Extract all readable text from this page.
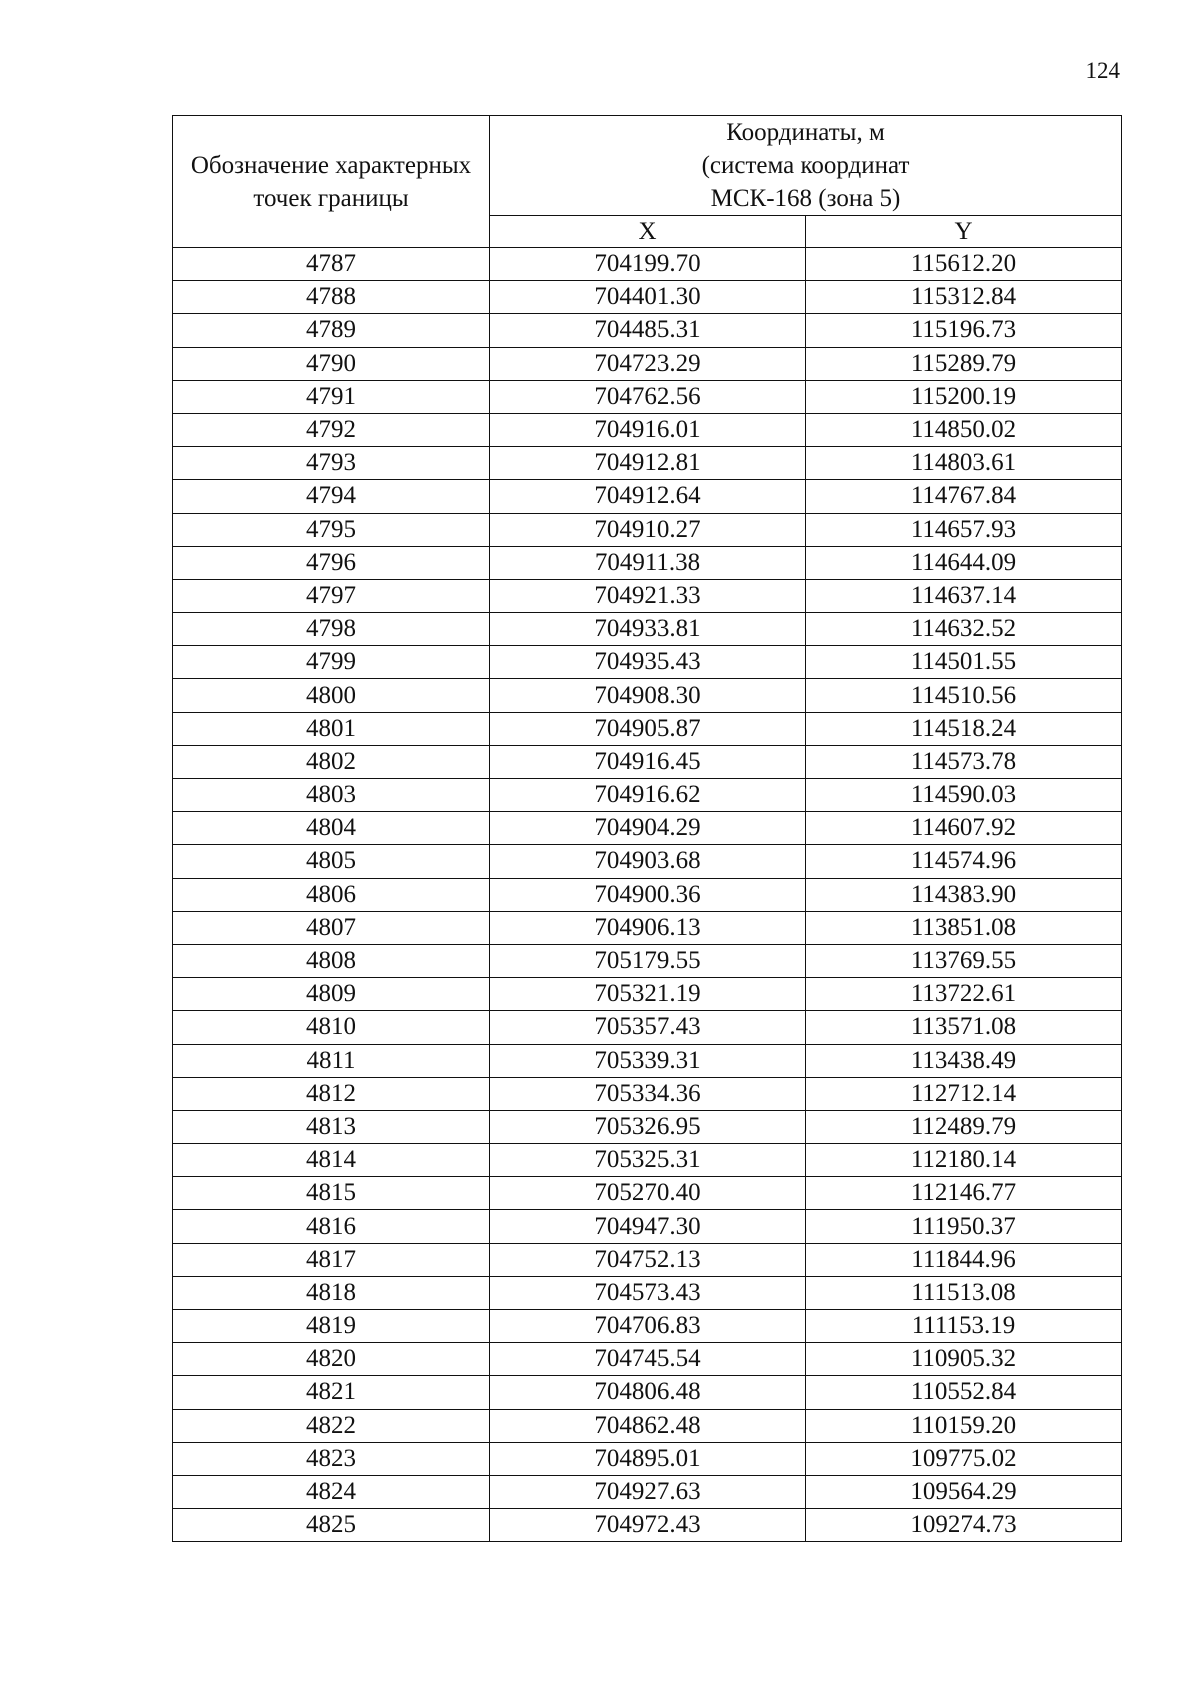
124
Обозначение характерных точек границы	Координаты, м
(система координат
МСК-168 (зона 5)	

	X	Y
4787	704199.70	115612.20
4788	704401.30	115312.84
4789	704485.31	115196.73
4790	704723.29	115289.79
4791	704762.56	115200.19
4792	704916.01	114850.02
4793	704912.81	114803.61
4794	704912.64	114767.84
4795	704910.27	114657.93
4796	704911.38	114644.09
4797	704921.33	114637.14
4798	704933.81	114632.52
4799	704935.43	114501.55
4800	704908.30	114510.56
4801	704905.87	114518.24
4802	704916.45	114573.78
4803	704916.62	114590.03
4804	704904.29	114607.92
4805	704903.68	114574.96
4806	704900.36	114383.90
4807	704906.13	113851.08
4808	705179.55	113769.55
4809	705321.19	113722.61
4810	705357.43	113571.08
4811	705339.31	113438.49
4812	705334.36	112712.14
4813	705326.95	112489.79
4814	705325.31	112180.14
4815	705270.40	112146.77
4816	704947.30	111950.37
4817	704752.13	111844.96
4818	704573.43	111513.08
4819	704706.83	111153.19
4820	704745.54	110905.32
4821	704806.48	110552.84
4822	704862.48	110159.20
4823	704895.01	109775.02
4824	704927.63	109564.29
4825	704972.43	109274.73
